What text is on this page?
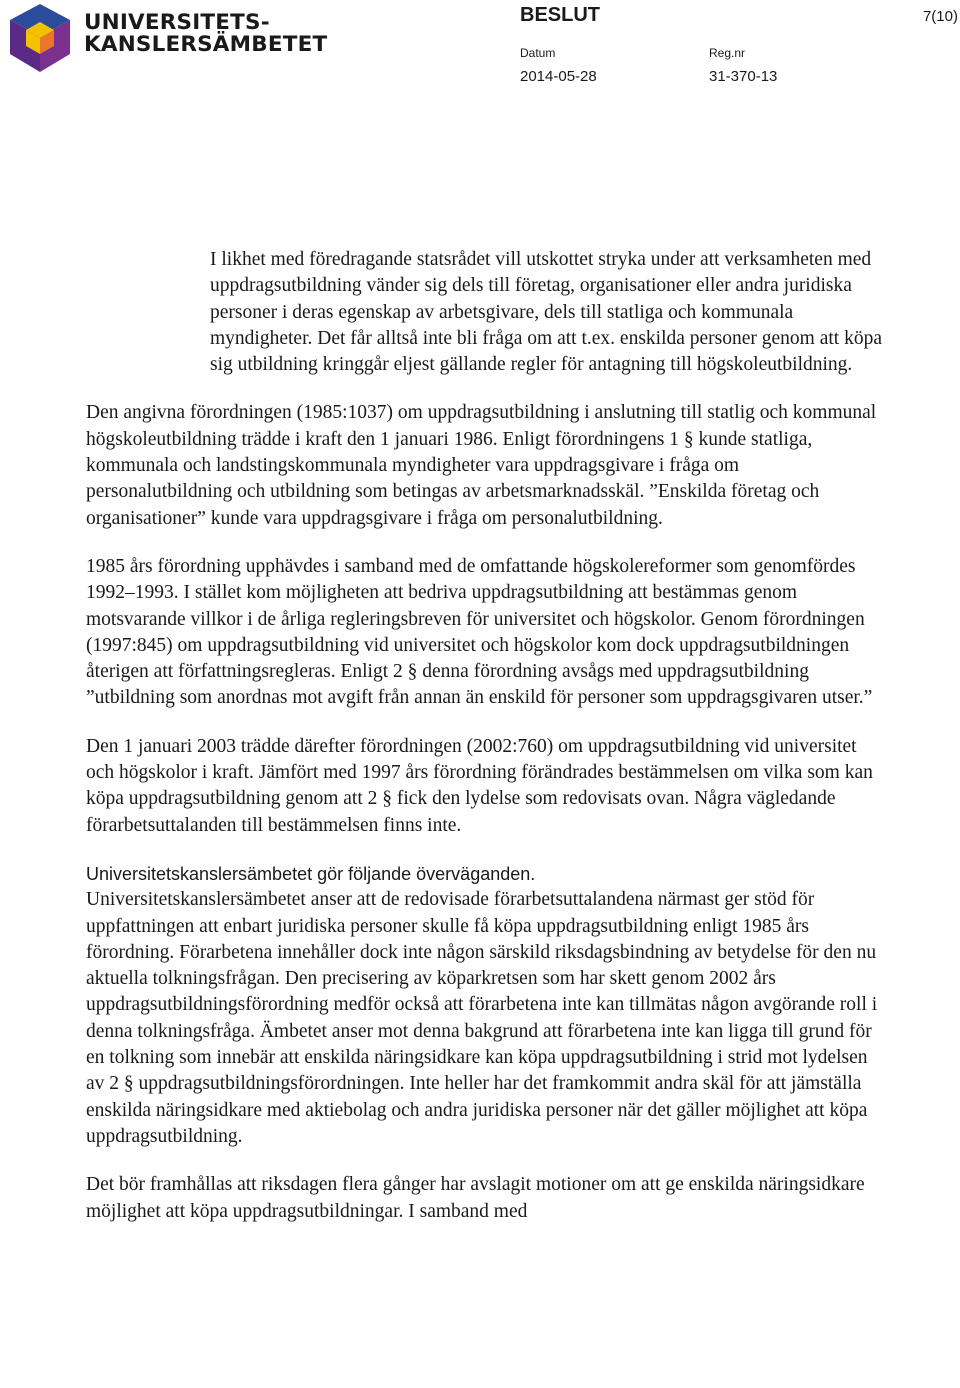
UNIVERSITETS-
KANSLERSÄMBETET
BESLUT	7(10)
Datum	Reg.nr
2014-05-28	31-370-13

I likhet med föredragande statsrådet vill utskottet stryka under att verksamheten med uppdragsutbildning vänder sig dels till företag, organisationer eller andra juridiska personer i deras egenskap av arbetsgivare, dels till statliga och kommunala myndigheter. Det får alltså inte bli fråga om att t.ex. enskilda personer genom att köpa sig utbildning kringgår eljest gällande regler för antagning till högskoleutbildning.

Den angivna förordningen (1985:1037) om uppdragsutbildning i anslutning till statlig och kommunal högskoleutbildning trädde i kraft den 1 januari 1986. Enligt förordningens 1 § kunde statliga, kommunala och landstingskommunala myndigheter vara uppdragsgivare i fråga om personalutbildning och utbildning som betingas av arbetsmarknadsskäl. ”Enskilda företag och organisationer” kunde vara uppdragsgivare i fråga om personalutbildning.

1985 års förordning upphävdes i samband med de omfattande högskolereformer som genomfördes 1992–1993. I stället kom möjligheten att bedriva uppdragsutbildning att bestämmas genom motsvarande villkor i de årliga regleringsbreven för universitet och högskolor. Genom förordningen (1997:845) om uppdragsutbildning vid universitet och högskolor kom dock uppdragsutbildningen återigen att författningsregleras. Enligt 2 § denna förordning avsågs med uppdragsutbildning ”utbildning som anordnas mot avgift från annan än enskild för personer som uppdragsgivaren utser.”

Den 1 januari 2003 trädde därefter förordningen (2002:760) om uppdragsutbildning vid universitet och högskolor i kraft. Jämfört med 1997 års förordning förändrades bestämmelsen om vilka som kan köpa uppdragsutbildning genom att 2 § fick den lydelse som redovisats ovan. Några vägledande förarbetsuttalanden till bestämmelsen finns inte.

Universitetskanslersämbetet gör följande överväganden.
Universitetskanslersämbetet anser att de redovisade förarbetsuttalandena närmast ger stöd för uppfattningen att enbart juridiska personer skulle få köpa uppdragsutbildning enligt 1985 års förordning. Förarbetena innehåller dock inte någon särskild riksdagsbindning av betydelse för den nu aktuella tolkningsfrågan. Den precisering av köparkretsen som har skett genom 2002 års uppdragsutbildningsförordning medför också att förarbetena inte kan tillmätas någon avgörande roll i denna tolkningsfråga. Ämbetet anser mot denna bakgrund att förarbetena inte kan ligga till grund för en tolkning som innebär att enskilda näringsidkare kan köpa uppdragsutbildning i strid mot lydelsen av 2 § uppdragsutbildningsförordningen. Inte heller har det framkommit andra skäl för att jämställa enskilda näringsidkare med aktiebolag och andra juridiska personer när det gäller möjlighet att köpa uppdragsutbildning.

Det bör framhållas att riksdagen flera gånger har avslagit motioner om att ge enskilda näringsidkare möjlighet att köpa uppdragsutbildningar. I samband med
